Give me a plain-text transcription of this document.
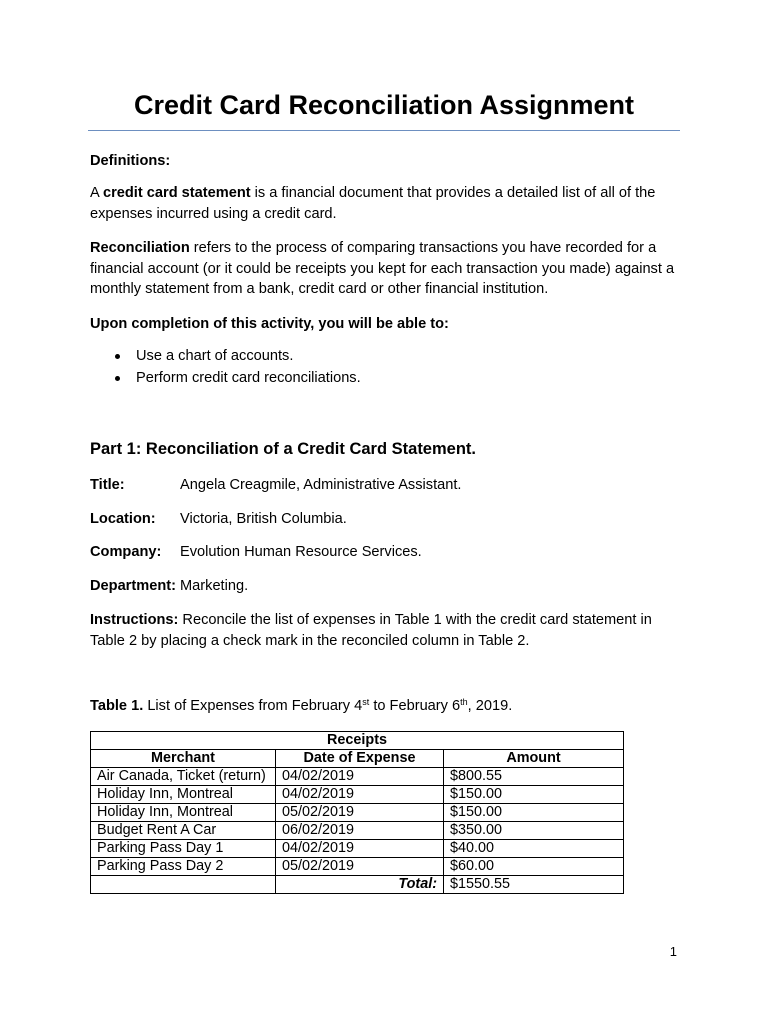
Credit Card Reconciliation Assignment
Definitions:
A credit card statement is a financial document that provides a detailed list of all of the expenses incurred using a credit card.
Reconciliation refers to the process of comparing transactions you have recorded for a financial account (or it could be receipts you kept for each transaction you made) against a monthly statement from a bank, credit card or other financial institution.
Upon completion of this activity, you will be able to:
Use a chart of accounts.
Perform credit card reconciliations.
Part 1: Reconciliation of a Credit Card Statement.
Title:	Angela Creagmile, Administrative Assistant.
Location: Victoria, British Columbia.
Company: Evolution Human Resource Services.
Department: Marketing.
Instructions: Reconcile the list of expenses in Table 1 with the credit card statement in Table 2 by placing a check mark in the reconciled column in Table 2.
Table 1. List of Expenses from February 4st to February 6th, 2019.
Receipts		
Merchant	Date of Expense	Amount
Air Canada, Ticket (return)	04/02/2019	$800.55
Holiday Inn, Montreal	04/02/2019	$150.00
Holiday Inn, Montreal	05/02/2019	$150.00
Budget Rent A Car	06/02/2019	$350.00
Parking Pass Day 1	04/02/2019	$40.00
Parking Pass Day 2	05/02/2019	$60.00
	Total:	$1550.55
1
